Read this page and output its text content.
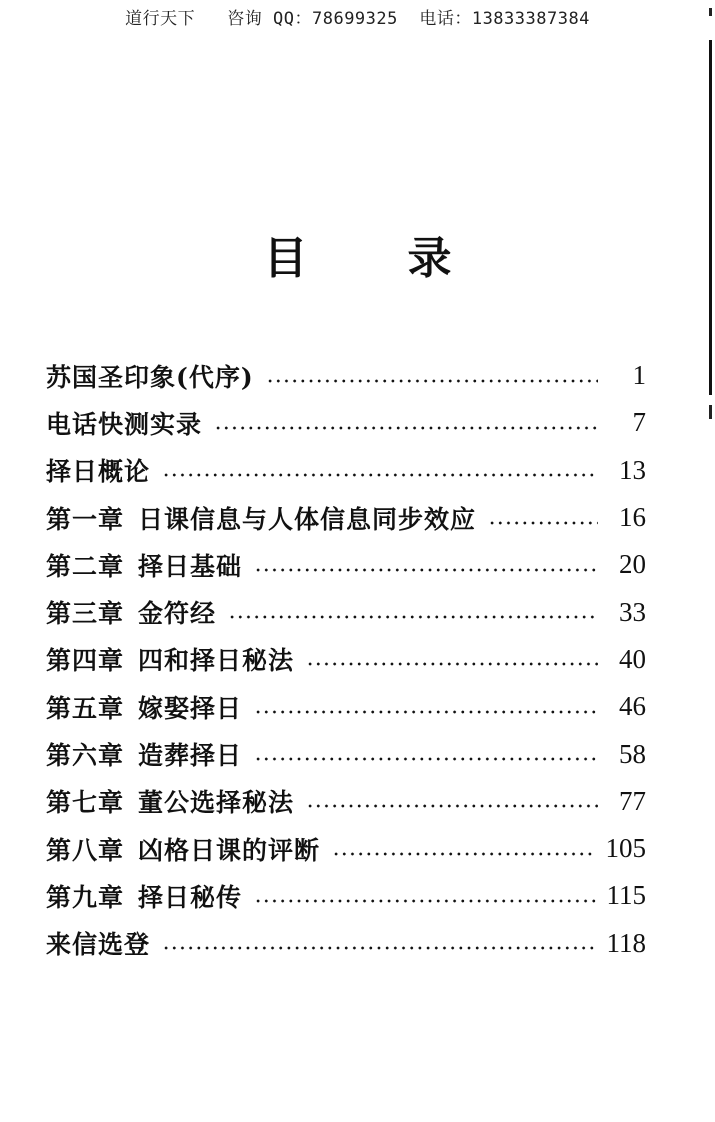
道行天下   咨询 QQ：78699325  电话：13833387384
目 录
苏国圣印象(代序)	1
电话快测实录	7
择日概论	13
第一章 日课信息与人体信息同步效应	16
第二章 择日基础	20
第三章 金符经	33
第四章 四和择日秘法	40
第五章 嫁娶择日	46
第六章 造葬择日	58
第七章 董公选择秘法	77
第八章 凶格日课的评断	105
第九章 择日秘传	115
来信选登	118
